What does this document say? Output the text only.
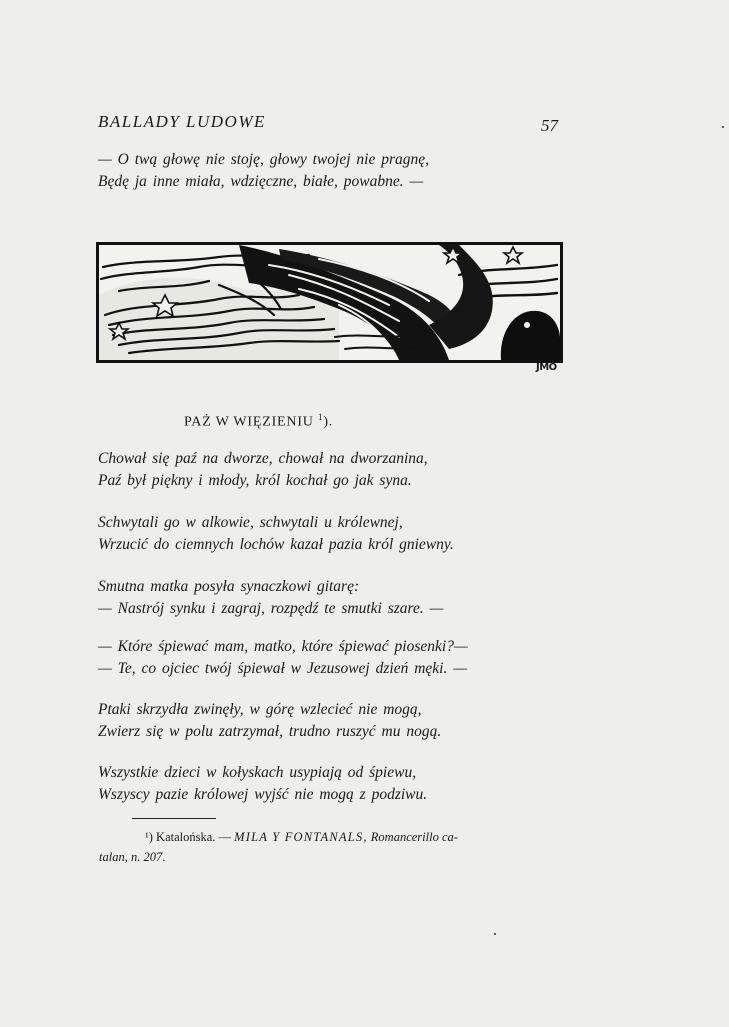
BALLADY LUDOWE	57
— O twą głowę nie stoję, głowy twojej nie pragnę,
Będę ja inne miała, wdzięczne, białe, powabne. —
JMO
PAŻ W WIĘZIENIU $^1$).
Chował się paź na dworze, chował na dworzanina,
Paź był piękny i młody, król kochał go jak syna.
Schwytali go w alkowie, schwytali u królewnej,
Wrzucić do ciemnych lochów kazał pazia król gniewny.
Smutna matka posyła synaczkowi gitarę:
— Nastrój synku i zagraj, rozpędź te smutki szare. —
— Które śpiewać mam, matko, które śpiewać piosenki?—
— Te, co ojciec twój śpiewał w Jezusowej dzień męki. —
Ptaki skrzydła zwinęły, w górę wzlecieć nie mogą,
Zwierz się w polu zatrzymał, trudno ruszyć mu nogą.
Wszystkie dzieci w kołyskach usypiają od śpiewu,
Wszyscy pazie królowej wyjść nie mogą z podziwu.
¹) Katalońska. — MILA Y FONTANALS, Romancerillo ca-
talan, n. 207.
